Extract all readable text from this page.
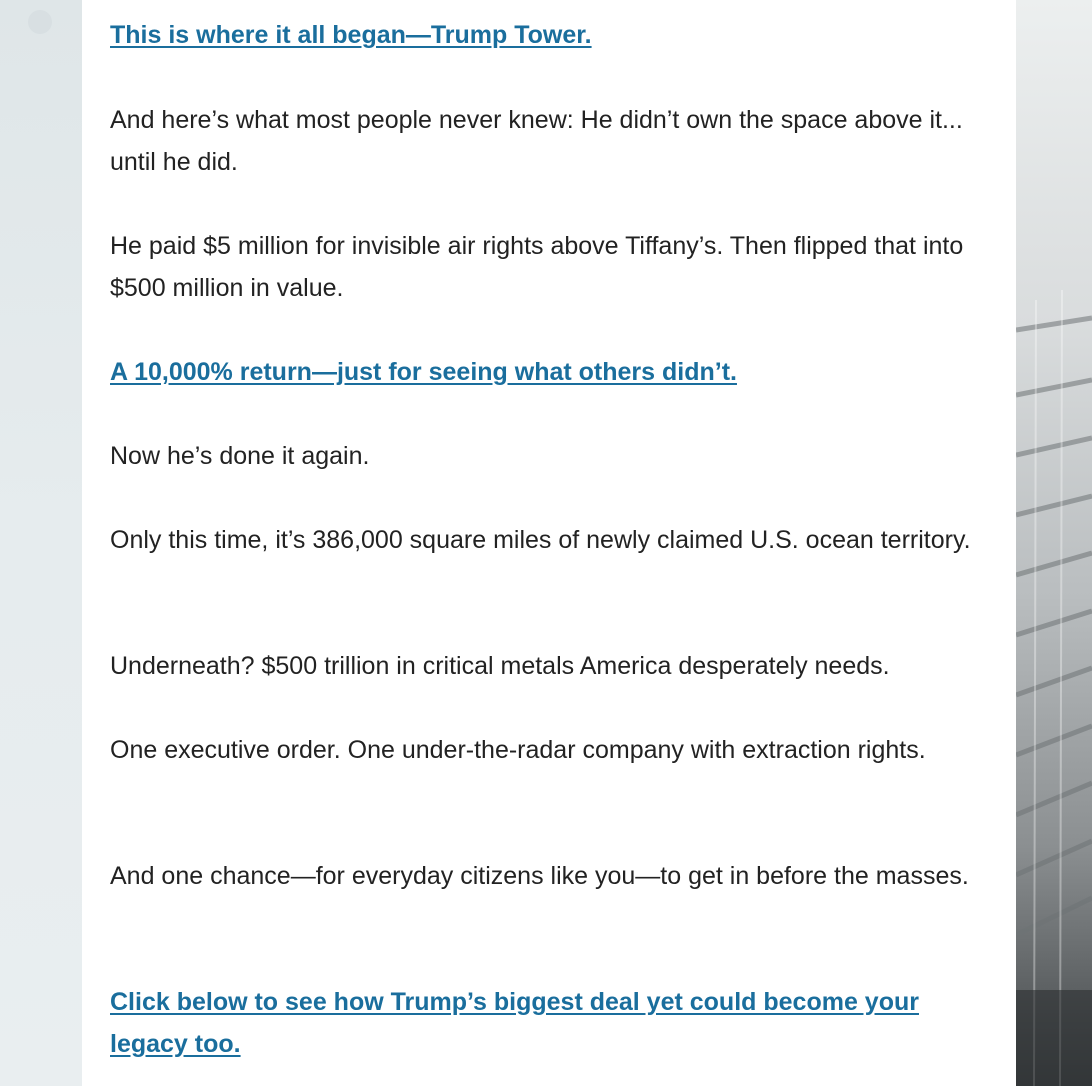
This is where it all began—Trump Tower.

And here’s what most people never knew: He didn’t own the space above it... until he did.

He paid $5 million for invisible air rights above Tiffany’s. Then flipped that into $500 million in value.

A 10,000% return—just for seeing what others didn’t.

Now he’s done it again.

Only this time, it’s 386,000 square miles of newly claimed U.S. ocean territory.

Underneath? $500 trillion in critical metals America desperately needs.

One executive order. One under-the-radar company with extraction rights.

And one chance—for everyday citizens like you—to get in before the masses.

Click below to see how Trump’s biggest deal yet could become your legacy too.
